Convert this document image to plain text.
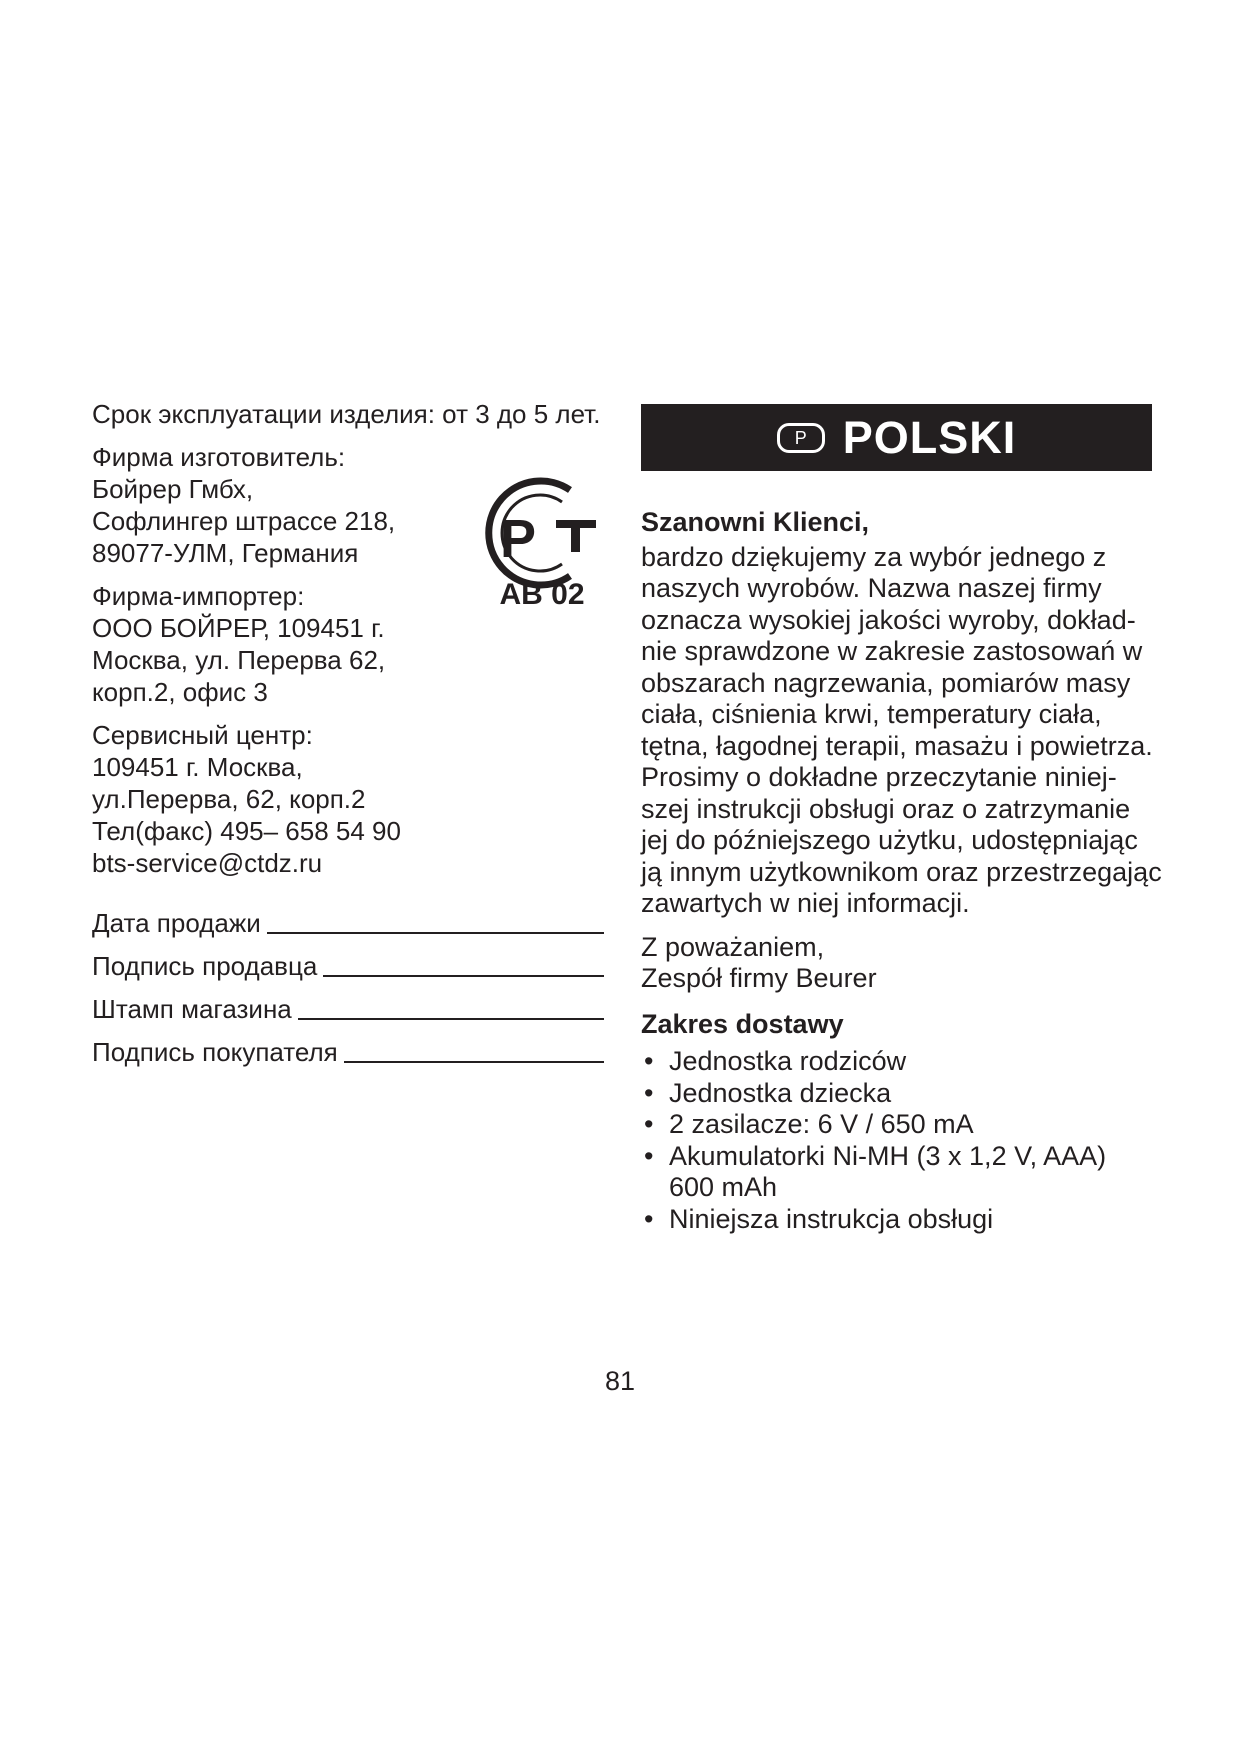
Срок эксплуатации изделия: от 3 до 5 лет.

Фирма изготовитель:
Бойрер Гмбх,
Софлингер штрассе 218,
89077-УЛМ, Германия

Фирма-импортер:
ООО БОЙРЕР, 109451 г.
Москва, ул. Перерва 62,
корп.2, офис 3

Сервисный центр:
109451 г. Москва,
ул.Перерва, 62, корп.2
Тел(факс) 495– 658 54 90
bts-service@ctdz.ru

P
AB 02
Дата продажи
Подпись продавца
Штамп магазина
Подпись покупателя
P POLSKI

Szanowni Klienci,

bardzo dziękujemy za wybór jednego z
naszych wyrobów. Nazwa naszej firmy
oznacza wysokiej jakości wyroby, dokład-
nie sprawdzone w zakresie zastosowań w
obszarach nagrzewania, pomiarów masy
ciała, ciśnienia krwi, temperatury ciała,
tętna, łagodnej terapii, masażu i powietrza.
Prosimy o dokładne przeczytanie niniej-
szej instrukcji obsługi oraz o zatrzymanie
jej do późniejszego użytku, udostępniając
ją innym użytkownikom oraz przestrzegając
zawartych w niej informacji.

Z poważaniem,
Zespół firmy Beurer

Zakres dostawy

• Jednostka rodziców
• Jednostka dziecka
• 2 zasilacze: 6 V / 650 mA
• Akumulatorki Ni-MH (3 x 1,2 V, AAA) 600 mAh
• Niniejsza instrukcja obsługi
81
